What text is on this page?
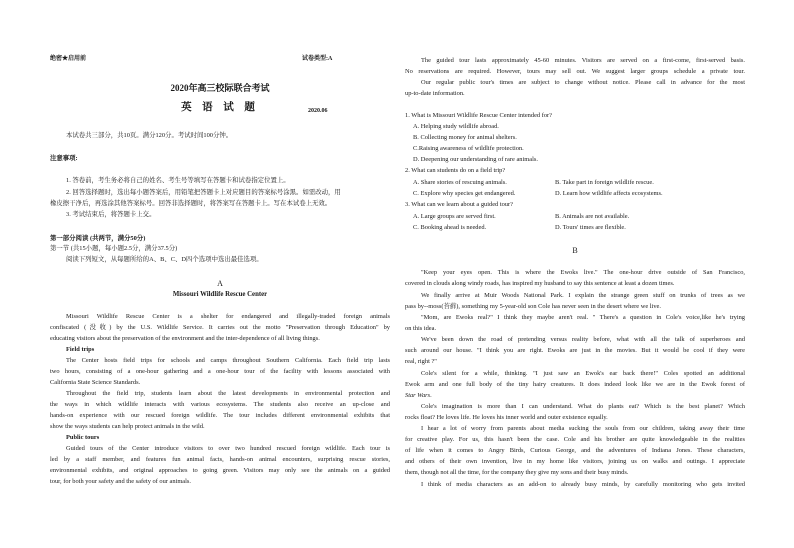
绝密★启用前	试卷类型:A
2020年高三校际联合考试
英 语 试 题	2020.06
本试卷共三部分，共10页。满分120分。考试时间100分钟。
注意事项:
1. 答卷前，考生务必将自己的姓名、考生号等填写在答题卡和试卷指定位置上。
2. 回答选择题时，选出每小题答案后，用铅笔把答题卡上对应题目的答案标号涂黑。如需改动，用
橡皮擦干净后，再选涂其他答案标号。回答非选择题时，将答案写在答题卡上。写在本试卷上无效。
3. 考试结束后，将答题卡上交。
第一部分阅读 (共两节，满分50分)
第一节 (共15小题，每小题2.5分，满分37.5分)
阅读下列短文，从每题所给的A、B、C、D四个选项中选出最佳选项。
A
Missouri Wildlife Rescue Center
Missouri Wildlife Rescue Center is a shelter for endangered and illegally-traded foreign animals
confiscated (没收) by the U.S. Wildlife Service. It carries out the motto "Preservation through Education" by
educating visitors about the preservation of the environment and the inter-dependence of all living things.
Field trips
The Center hosts field trips for schools and camps throughout Southern California. Each field trip lasts
two hours, consisting of a one-hour gathering and a one-hour tour of the facility with lessons associated with
California State Science Standards.
Throughout the field trip, students learn about the latest developments in environmental protection and
the ways in which wildlife interacts with various ecosystems. The students also receive an up-close and
hands-on experience with our rescued foreign wildlife. The tour includes different environmental exhibits that
show the ways students can help protect animals in the wild.
Public tours
Guided tours of the Center introduce visitors to over two hundred rescued foreign wildlife. Each tour is
led by a staff member, and features fun animal facts, hands-on animal encounters, surprising rescue stories,
environmental exhibits, and original approaches to going green. Visitors may only see the animals on a guided
tour, for both your safety and the safety of our animals.
The guided tour lasts approximately 45-60 minutes. Visitors are served on a first-come, first-served basis.
No reservations are required. However, tours may sell out. We suggest larger groups schedule a private tour.
Our regular public tour's times are subject to change without notice. Please call in advance for the most
up-to-date information.
1. What is Missouri Wildlife Rescue Center intended for?
A. Helping study wildlife abroad.
B. Collecting money for animal shelters.
C.Raising awareness of wildlife protection.
D. Deepening our understanding of rare animals.
2. What can students do on a field trip?
A. Share stories of rescuing animals.	B. Take part in foreign wildlife rescue.
C. Explore why species get endangered.	D. Learn how wildlife affects ecosystems.
3. What can we learn about a guided tour?
A. Large groups are served first.	B. Animals are not available.
C. Booking ahead is needed.	D. Tours' times are flexible.
B
"Keep your eyes open. This is where the Ewoks live." The one-hour drive outside of San Francisco,
covered in clouds along windy roads, has inspired my husband to say this sentence at least a dozen times.
We finally arrive at Muir Woods National Park. I explain the strange green stuff on trunks of trees as we
pass by--moss(苔藓), something my 5-year-old son Cole has never seen in the desert where we live.
"Mom, are Ewoks real?" I think they maybe aren't real. " There's a question in Cole's voice,like he's trying
on this idea.
We've been down the road of pretending versus reality before, what with all the talk of superheroes and
such around our house. "I think you are right. Ewoks are just in the movies. But it would be cool if they were
real, right ?"
Cole's silent for a while, thinking. "I just saw an Ewok's ear back there!" Coles spotted an additional
Ewok arm and one full body of the tiny hairy creatures. It does indeed look like we are in the Ewok forest of
Star Wars.
Cole's imagination is more than I can understand. What do plants eat? Which is the best planet? Which
rocks float? He loves life. He loves his inner world and outer existence equally.
I hear a lot of worry from parents about media sucking the souls from our children, taking away their time
for creative play. For us, this hasn't been the case. Cole and his brother are quite knowledgeable in the realities
of life when it comes to Angry Birds, Curious George, and the adventures of Indiana Jones. These characters,
and others of their own invention, live in my home like visitors, joining us on walks and outings. I appreciate
them, though not all the time, for the company they give my sons and their busy minds.
I think of media characters as an add-on to already busy minds, by carefully monitoring who gets invited
